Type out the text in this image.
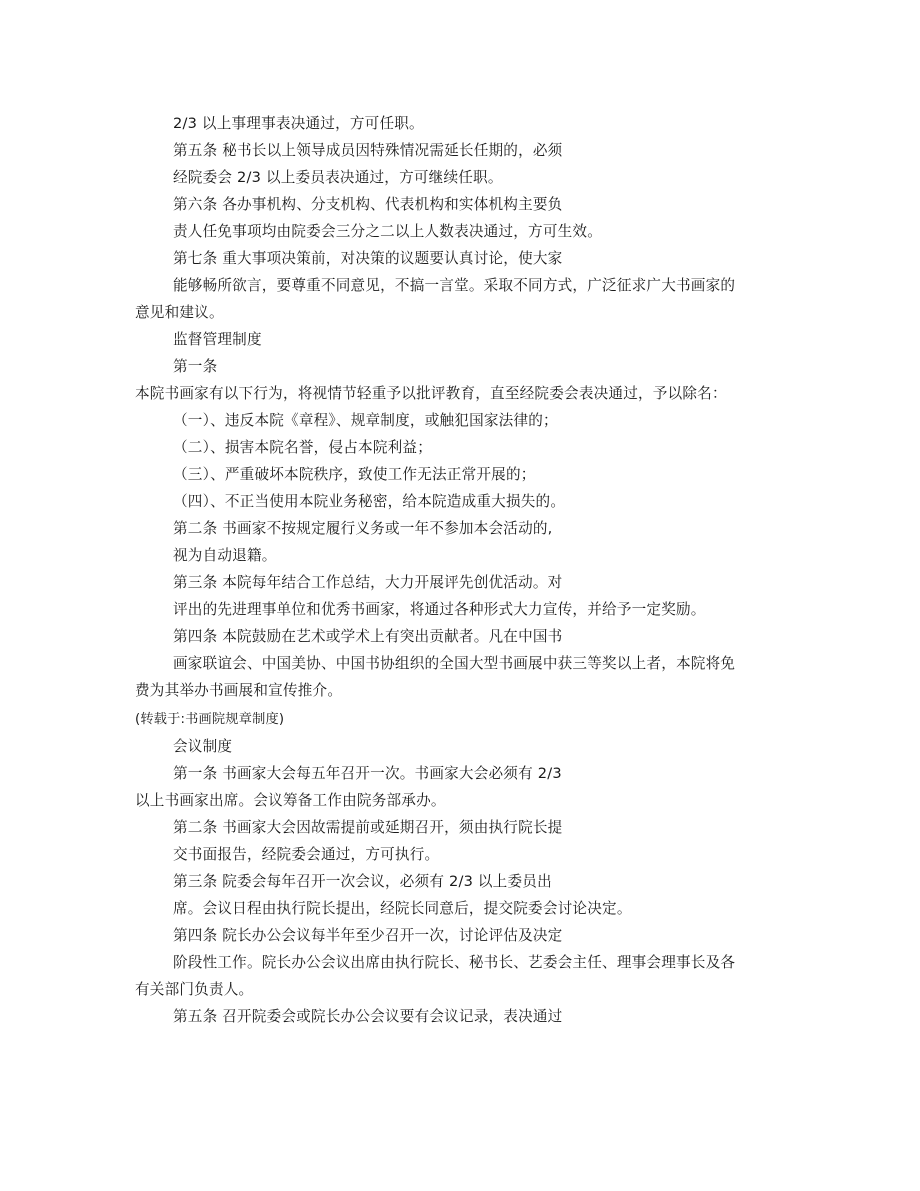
2/3 以上事理事表决通过，方可任职。
第五条 秘书长以上领导成员因特殊情况需延长任期的，必须
经院委会 2/3 以上委员表决通过，方可继续任职。
第六条 各办事机构、分支机构、代表机构和实体机构主要负
责人任免事项均由院委会三分之二以上人数表决通过，方可生效。
第七条 重大事项决策前，对决策的议题要认真讨论，使大家
能够畅所欲言，要尊重不同意见，不搞一言堂。采取不同方式，广泛征求广大书画家的
意见和建议。
监督管理制度
第一条
本院书画家有以下行为，将视情节轻重予以批评教育，直至经院委会表决通过，予以除名：
（一）、违反本院《章程》、规章制度，或触犯国家法律的；
（二）、损害本院名誉，侵占本院利益；
（三）、严重破坏本院秩序，致使工作无法正常开展的；
（四）、不正当使用本院业务秘密，给本院造成重大损失的。
第二条 书画家不按规定履行义务或一年不参加本会活动的,
视为自动退籍。
第三条 本院每年结合工作总结，大力开展评先创优活动。对
评出的先进理事单位和优秀书画家，将通过各种形式大力宣传，并给予一定奖励。
第四条 本院鼓励在艺术或学术上有突出贡献者。凡在中国书
画家联谊会、中国美协、中国书协组织的全国大型书画展中获三等奖以上者，本院将免
费为其举办书画展和宣传推介。
(转载于:书画院规章制度)
会议制度
第一条 书画家大会每五年召开一次。书画家大会必须有 2/3
以上书画家出席。会议筹备工作由院务部承办。
第二条 书画家大会因故需提前或延期召开，须由执行院长提
交书面报告，经院委会通过，方可执行。
第三条 院委会每年召开一次会议，必须有 2/3 以上委员出
席。会议日程由执行院长提出，经院长同意后，提交院委会讨论决定。
第四条 院长办公会议每半年至少召开一次，讨论评估及决定
阶段性工作。院长办公会议出席由执行院长、秘书长、艺委会主任、理事会理事长及各
有关部门负责人。
第五条 召开院委会或院长办公会议要有会议记录，表决通过
